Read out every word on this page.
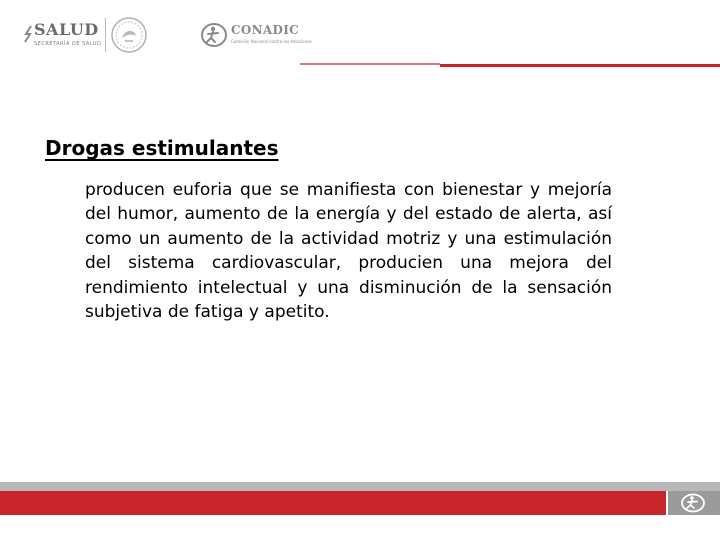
SALUD
SECRETARÍA DE SALUD
CONADIC
Comisión Nacional contra las Adicciones
Drogas estimulantes

producen euforia que se manifiesta con bienestar y mejoría del humor, aumento de la energía y del estado de alerta, así como un aumento de la actividad motriz y una estimulación del sistema cardiovascular, producien una mejora del rendimiento intelectual y una disminución de la sensación subjetiva de fatiga y apetito.
